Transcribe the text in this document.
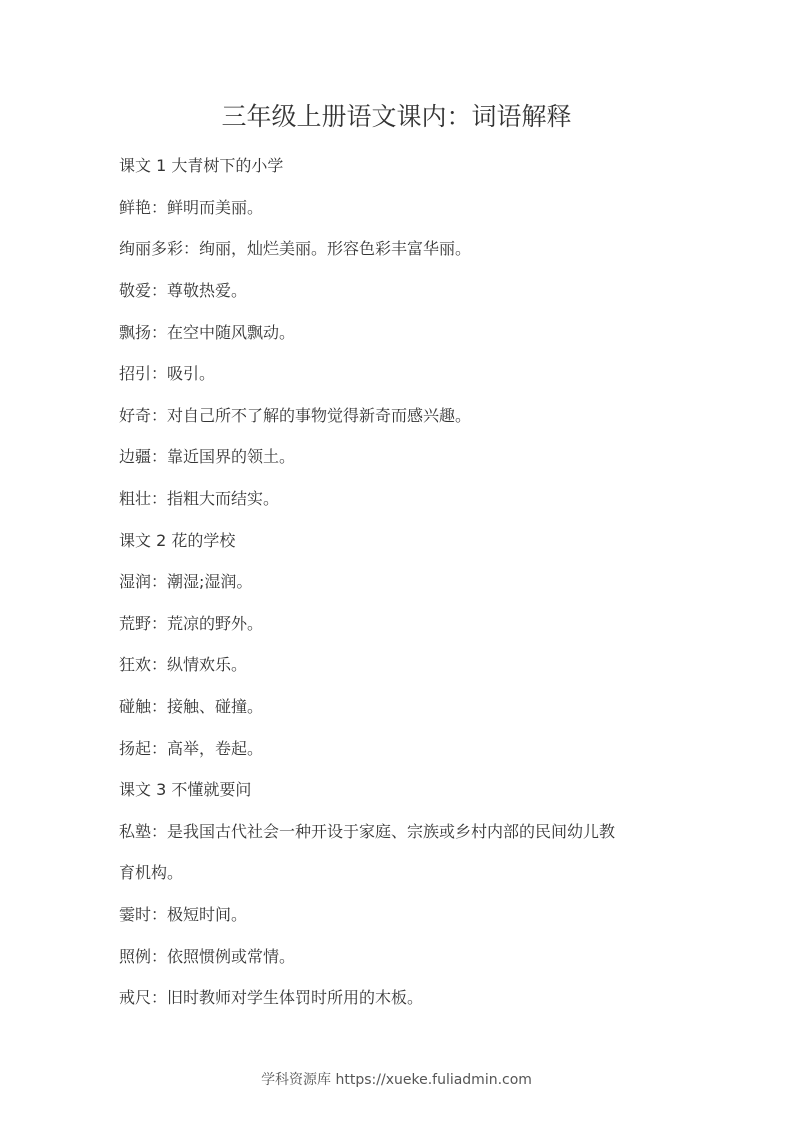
三年级上册语文课内：词语解释
课文 1 大青树下的小学
鲜艳：鲜明而美丽。
绚丽多彩：绚丽，灿烂美丽。形容色彩丰富华丽。
敬爱：尊敬热爱。
飘扬：在空中随风飘动。
招引：吸引。
好奇：对自己所不了解的事物觉得新奇而感兴趣。
边疆：靠近国界的领土。
粗壮：指粗大而结实。
课文 2 花的学校
湿润：潮湿;湿润。
荒野：荒凉的野外。
狂欢：纵情欢乐。
碰触：接触、碰撞。
扬起：高举，卷起。
课文 3 不懂就要问
私塾：是我国古代社会一种开设于家庭、宗族或乡村内部的民间幼儿教
育机构。
霎时：极短时间。
照例：依照惯例或常情。
戒尺：旧时教师对学生体罚时所用的木板。
学科资源库 https://xueke.fuliadmin.com
